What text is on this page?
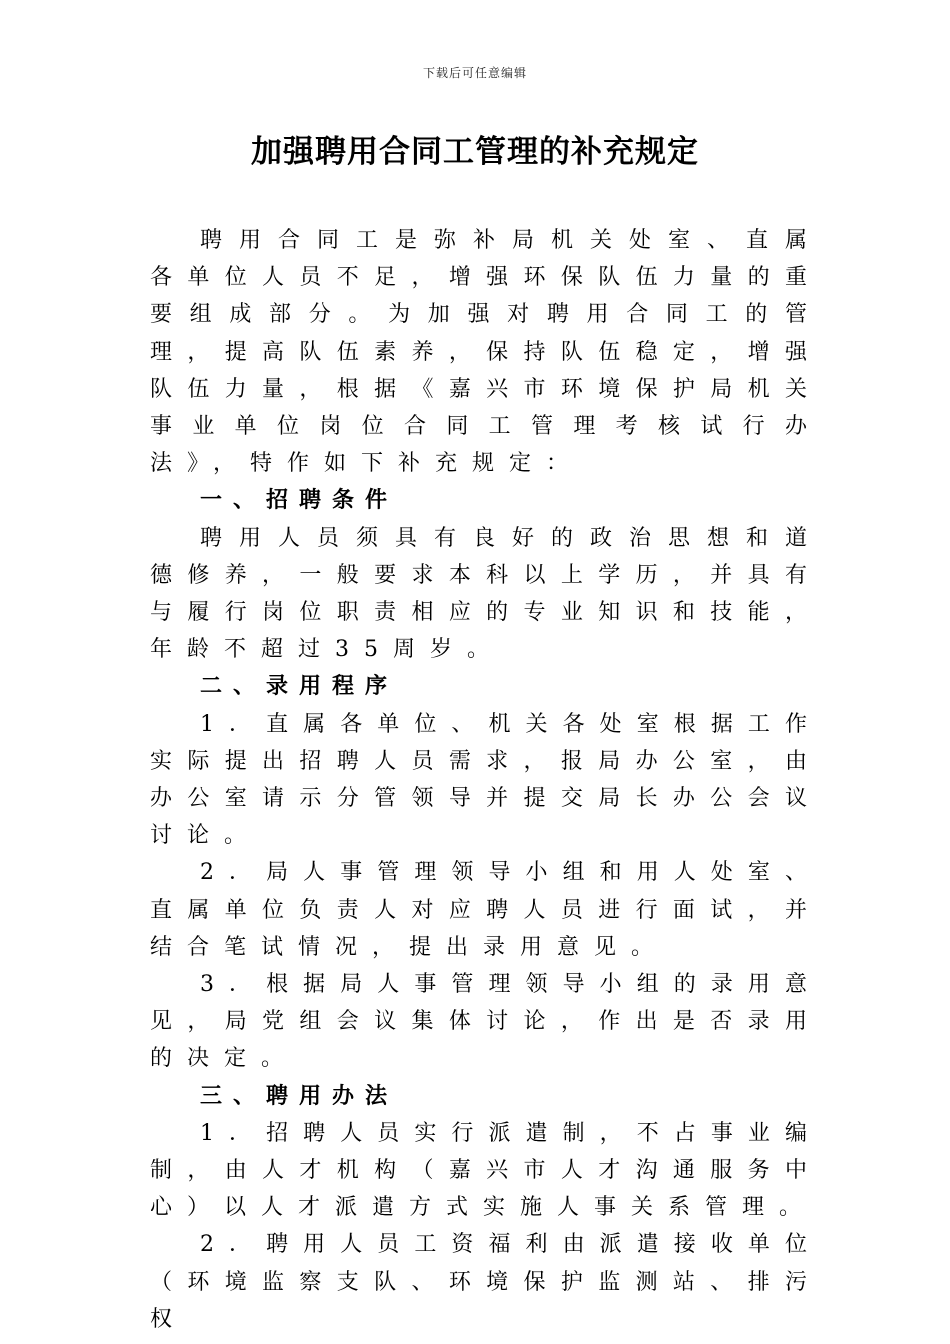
下载后可任意编辑
加强聘用合同工管理的补充规定

聘用合同工是弥补局机关处室、直属各单位人员不足，增强环保队伍力量的重要组成部分。为加强对聘用合同工的管理，提高队伍素养，保持队伍稳定，增强队伍力量，根据《嘉兴市环境保护局机关事业单位岗位合同工管理考核试行办法》，特作如下补充规定：

一、招聘条件

聘用人员须具有良好的政治思想和道德修养，一般要求本科以上学历，并具有与履行岗位职责相应的专业知识和技能，年龄不超过35周岁。

二、录用程序

1．直属各单位、机关各处室根据工作实际提出招聘人员需求，报局办公室，由办公室请示分管领导并提交局长办公会议讨论。

2．局人事管理领导小组和用人处室、直属单位负责人对应聘人员进行面试，并结合笔试情况，提出录用意见。

3．根据局人事管理领导小组的录用意见，局党组会议集体讨论，作出是否录用的决定。

三、聘用办法

1．招聘人员实行派遣制，不占事业编制，由人才机构（嘉兴市人才沟通服务中心）以人才派遣方式实施人事关系管理。

2．聘用人员工资福利由派遣接收单位（环境监察支队、环境保护监测站、排污权
